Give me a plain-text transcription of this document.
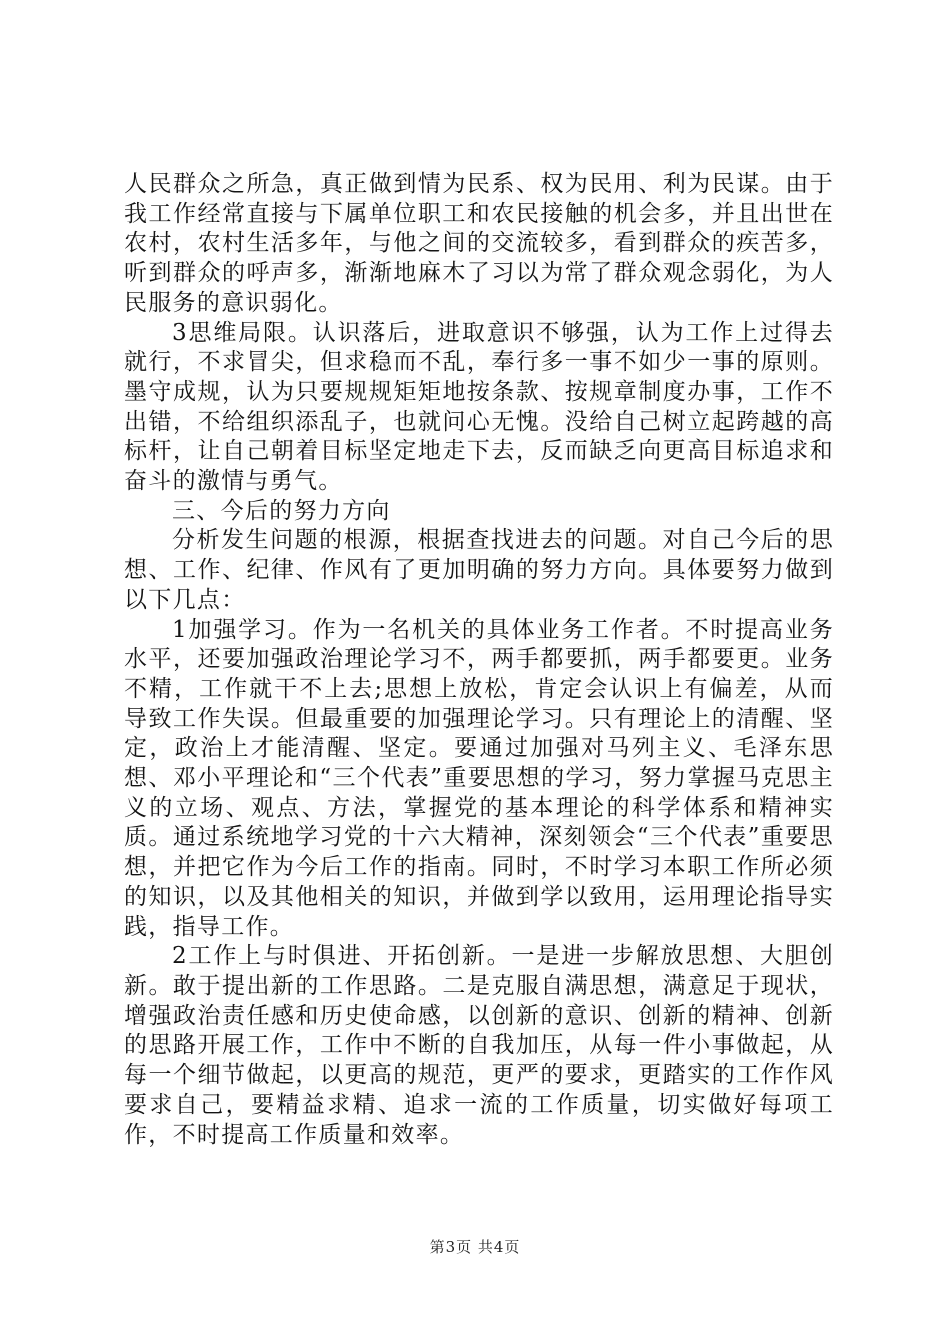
人民群众之所急，真正做到情为民系、权为民用、利为民谋。由于我工作经常直接与下属单位职工和农民接触的机会多，并且出世在农村，农村生活多年，与他之间的交流较多，看到群众的疾苦多，听到群众的呼声多，渐渐地麻木了习以为常了群众观念弱化，为人民服务的意识弱化。

3思维局限。认识落后，进取意识不够强，认为工作上过得去就行，不求冒尖，但求稳而不乱，奉行多一事不如少一事的原则。墨守成规，认为只要规规矩矩地按条款、按规章制度办事，工作不出错，不给组织添乱子，也就问心无愧。没给自己树立起跨越的高标杆，让自己朝着目标坚定地走下去，反而缺乏向更高目标追求和奋斗的激情与勇气。

三、今后的努力方向

分析发生问题的根源，根据查找进去的问题。对自己今后的思想、工作、纪律、作风有了更加明确的努力方向。具体要努力做到以下几点：

1加强学习。作为一名机关的具体业务工作者。不时提高业务水平，还要加强政治理论学习不，两手都要抓，两手都要更。业务不精，工作就干不上去;思想上放松，肯定会认识上有偏差，从而导致工作失误。但最重要的加强理论学习。只有理论上的清醒、坚定，政治上才能清醒、坚定。要通过加强对马列主义、毛泽东思想、邓小平理论和“三个代表”重要思想的学习，努力掌握马克思主义的立场、观点、方法，掌握党的基本理论的科学体系和精神实质。通过系统地学习党的十六大精神，深刻领会“三个代表”重要思想，并把它作为今后工作的指南。同时，不时学习本职工作所必须的知识，以及其他相关的知识，并做到学以致用，运用理论指导实践，指导工作。

2工作上与时俱进、开拓创新。一是进一步解放思想、大胆创新。敢于提出新的工作思路。二是克服自满思想，满意足于现状，增强政治责任感和历史使命感，以创新的意识、创新的精神、创新的思路开展工作，工作中不断的自我加压，从每一件小事做起，从每一个细节做起，以更高的规范，更严的要求，更踏实的工作作风要求自己，要精益求精、追求一流的工作质量，切实做好每项工作，不时提高工作质量和效率。

第3页 共4页
